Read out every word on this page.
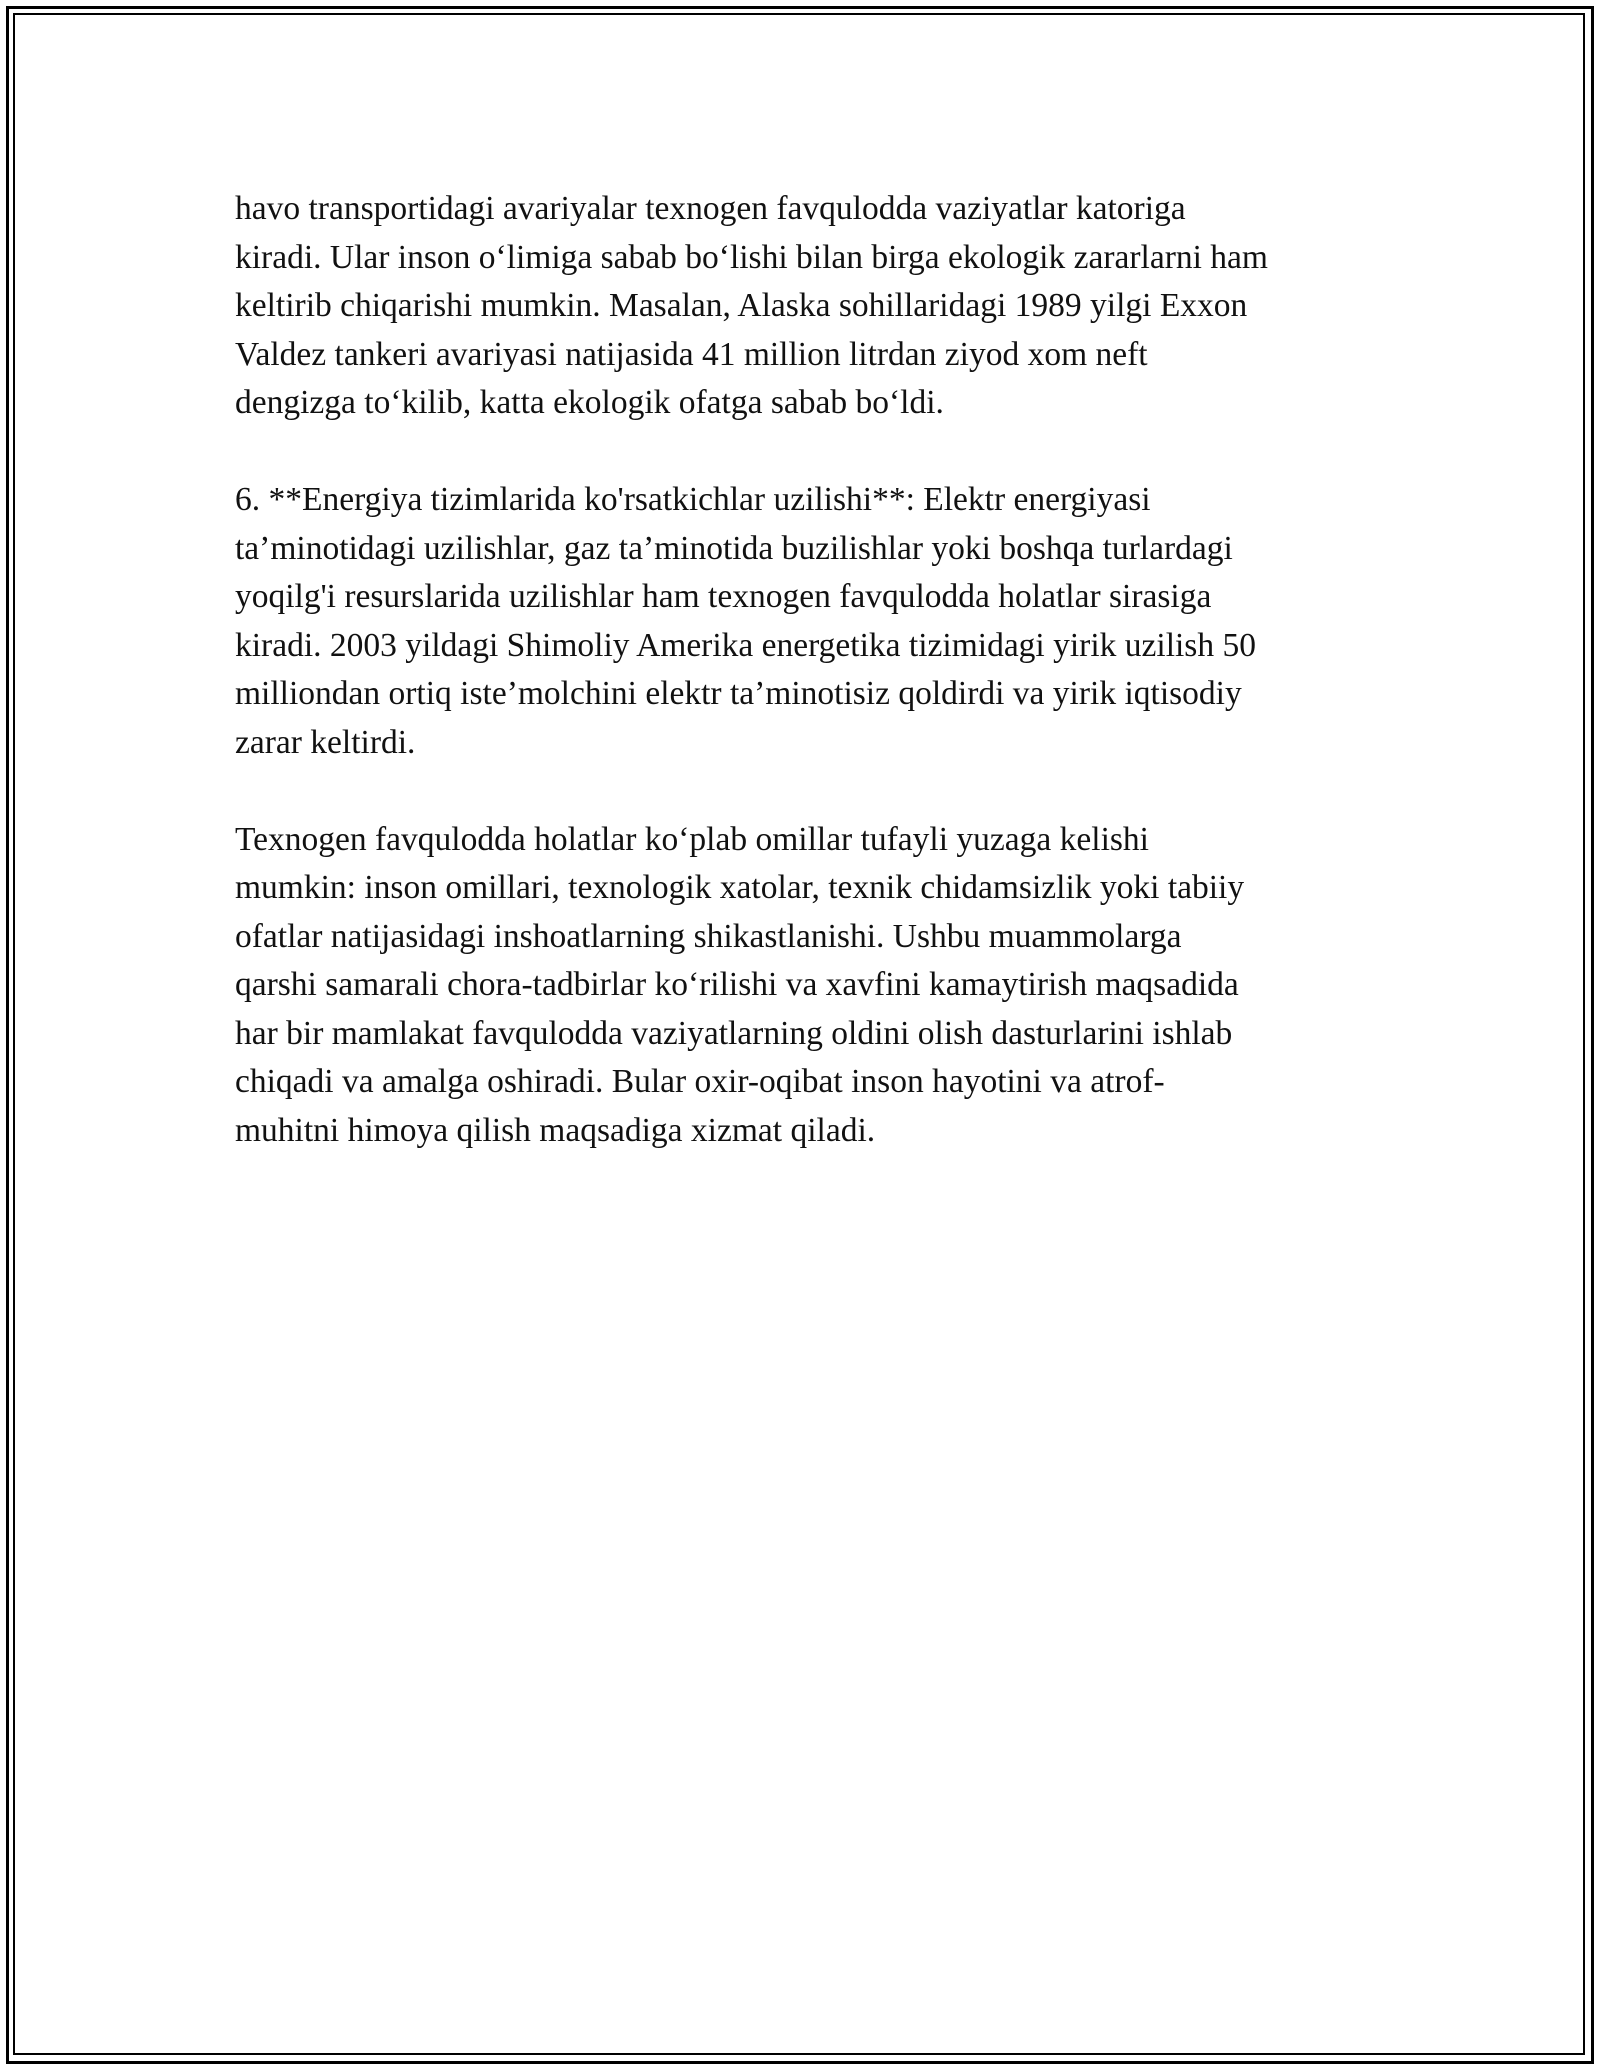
havo transportidagi avariyalar texnogen favqulodda vaziyatlar katoriga
kiradi. Ular inson o‘limiga sabab bo‘lishi bilan birga ekologik zararlarni ham
keltirib chiqarishi mumkin. Masalan, Alaska sohillaridagi 1989 yilgi Exxon
Valdez tankeri avariyasi natijasida 41 million litrdan ziyod xom neft
dengizga to‘kilib, katta ekologik ofatga sabab bo‘ldi.

6. **Energiya tizimlarida ko'rsatkichlar uzilishi**: Elektr energiyasi
ta’minotidagi uzilishlar, gaz ta’minotida buzilishlar yoki boshqa turlardagi
yoqilg'i resurslarida uzilishlar ham texnogen favqulodda holatlar sirasiga
kiradi. 2003 yildagi Shimoliy Amerika energetika tizimidagi yirik uzilish 50
milliondan ortiq iste’molchini elektr ta’minotisiz qoldirdi va yirik iqtisodiy
zarar keltirdi.

Texnogen favqulodda holatlar ko‘plab omillar tufayli yuzaga kelishi
mumkin: inson omillari, texnologik xatolar, texnik chidamsizlik yoki tabiiy
ofatlar natijasidagi inshoatlarning shikastlanishi. Ushbu muammolarga
qarshi samarali chora-tadbirlar ko‘rilishi va xavfini kamaytirish maqsadida
har bir mamlakat favqulodda vaziyatlarning oldini olish dasturlarini ishlab
chiqadi va amalga oshiradi. Bular oxir-oqibat inson hayotini va atrof-
muhitni himoya qilish maqsadiga xizmat qiladi.
